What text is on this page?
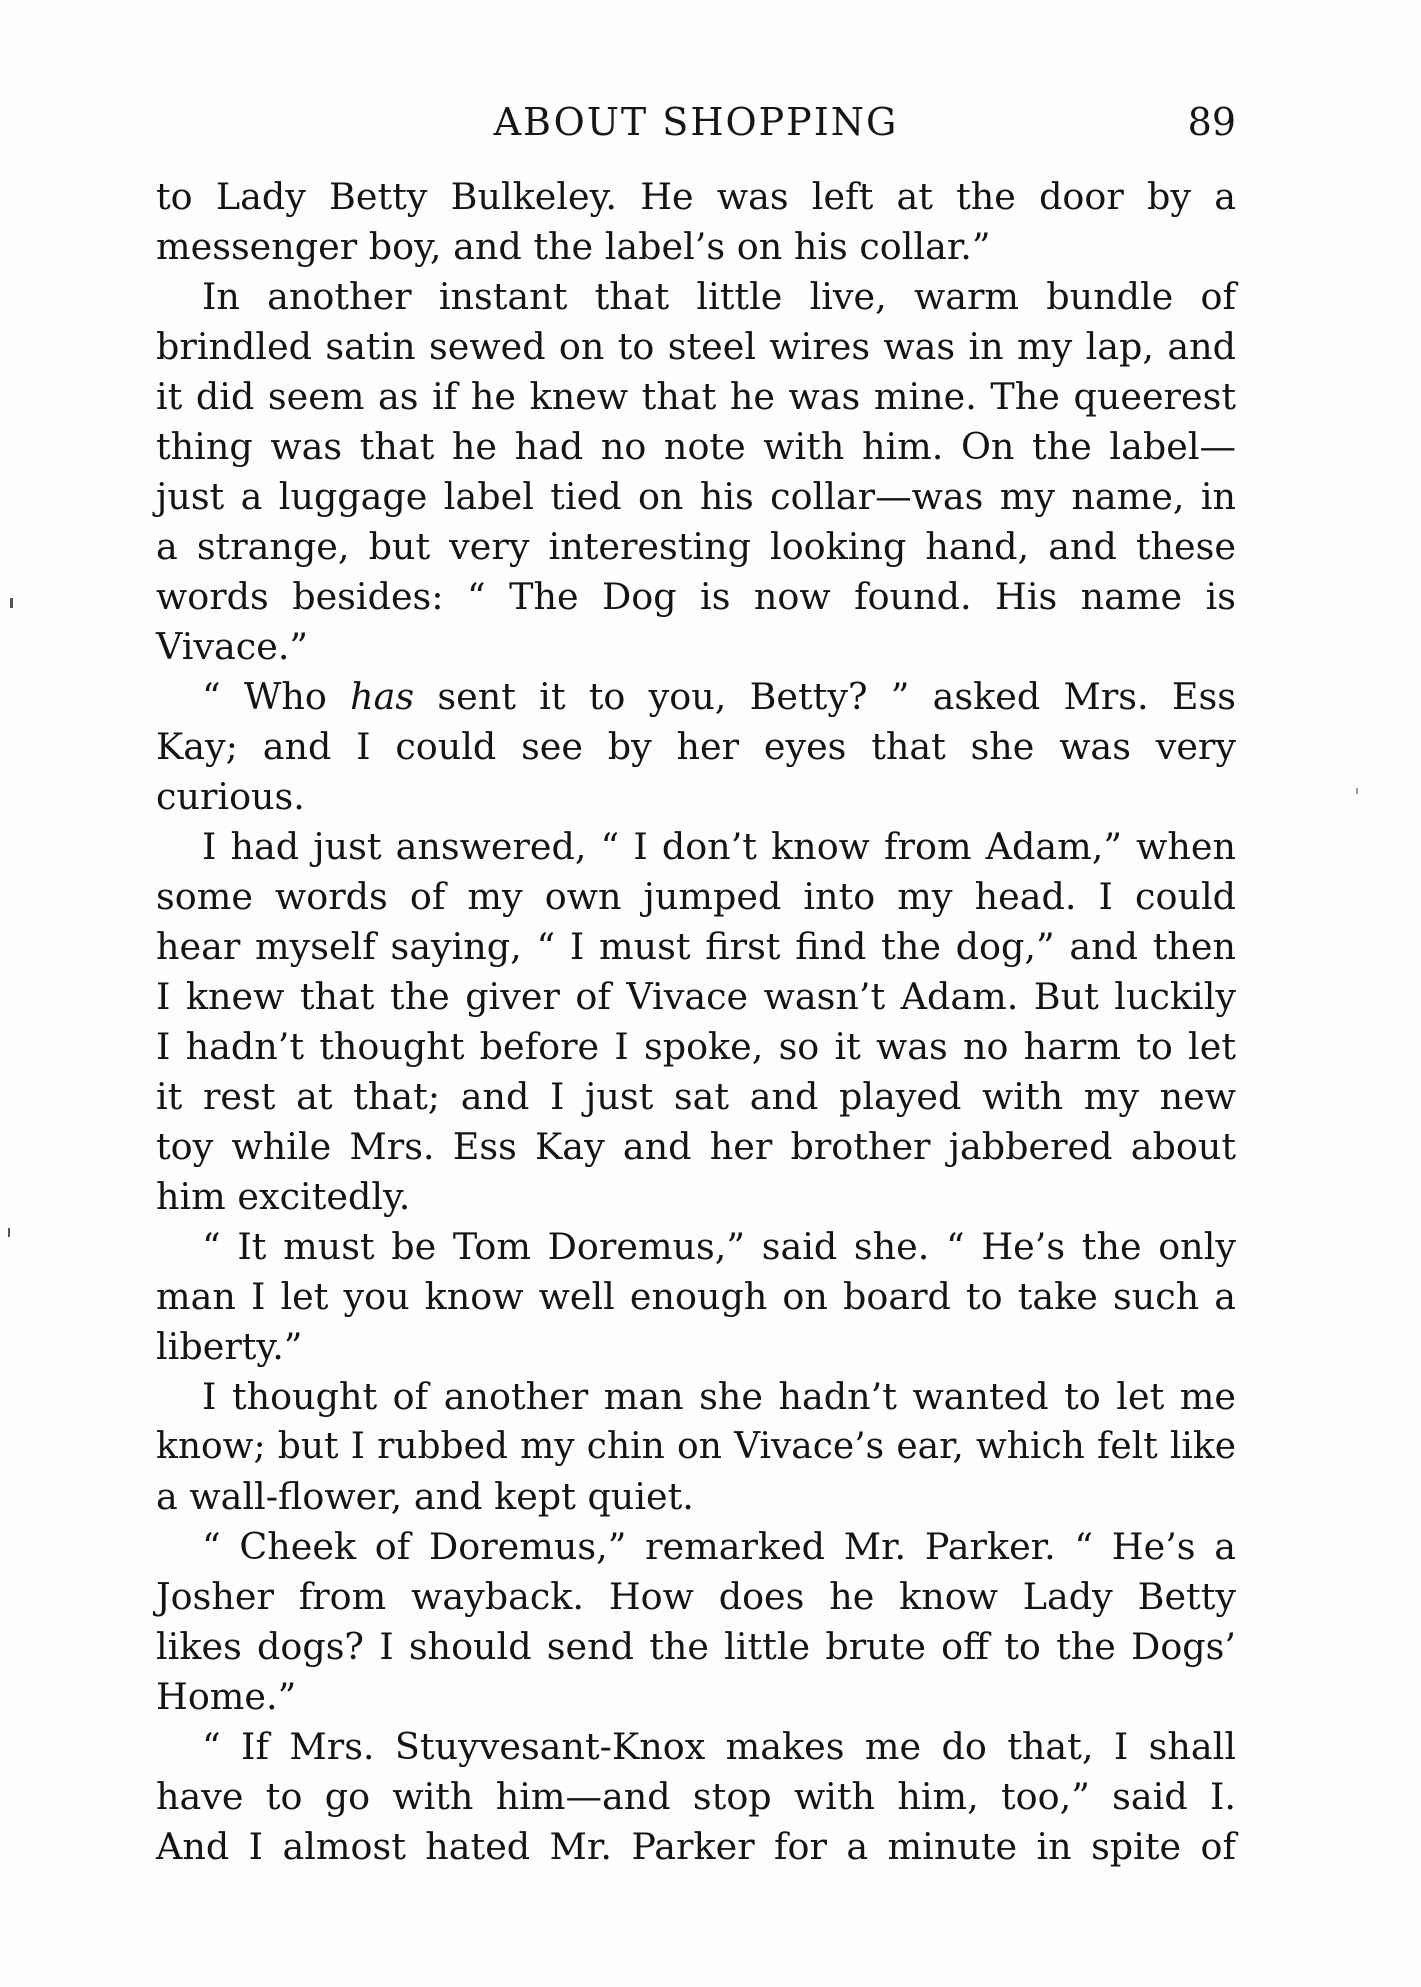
ABOUT SHOPPING	89
to Lady Betty Bulkeley. He was left at the door by a
messenger boy, and the label’s on his collar.”
In another instant that little live, warm bundle of
brindled satin sewed on to steel wires was in my lap, and
it did seem as if he knew that he was mine. The queerest
thing was that he had no note with him. On the label—
just a luggage label tied on his collar—was my name, in
a strange, but very interesting looking hand, and these
words besides: “ The Dog is now found. His name is
Vivace.”
“ Who has sent it to you, Betty? ” asked Mrs. Ess
Kay; and I could see by her eyes that she was very
curious.
I had just answered, “ I don’t know from Adam,” when
some words of my own jumped into my head. I could
hear myself saying, “ I must first find the dog,” and then
I knew that the giver of Vivace wasn’t Adam. But luckily
I hadn’t thought before I spoke, so it was no harm to let
it rest at that; and I just sat and played with my new
toy while Mrs. Ess Kay and her brother jabbered about
him excitedly.
“ It must be Tom Doremus,” said she. “ He’s the only
man I let you know well enough on board to take such a
liberty.”
I thought of another man she hadn’t wanted to let me
know; but I rubbed my chin on Vivace’s ear, which felt like
a wall-flower, and kept quiet.
“ Cheek of Doremus,” remarked Mr. Parker. “ He’s a
Josher from wayback. How does he know Lady Betty
likes dogs? I should send the little brute off to the Dogs’
Home.”
“ If Mrs. Stuyvesant-Knox makes me do that, I shall
have to go with him—and stop with him, too,” said I.
And I almost hated Mr. Parker for a minute in spite of
